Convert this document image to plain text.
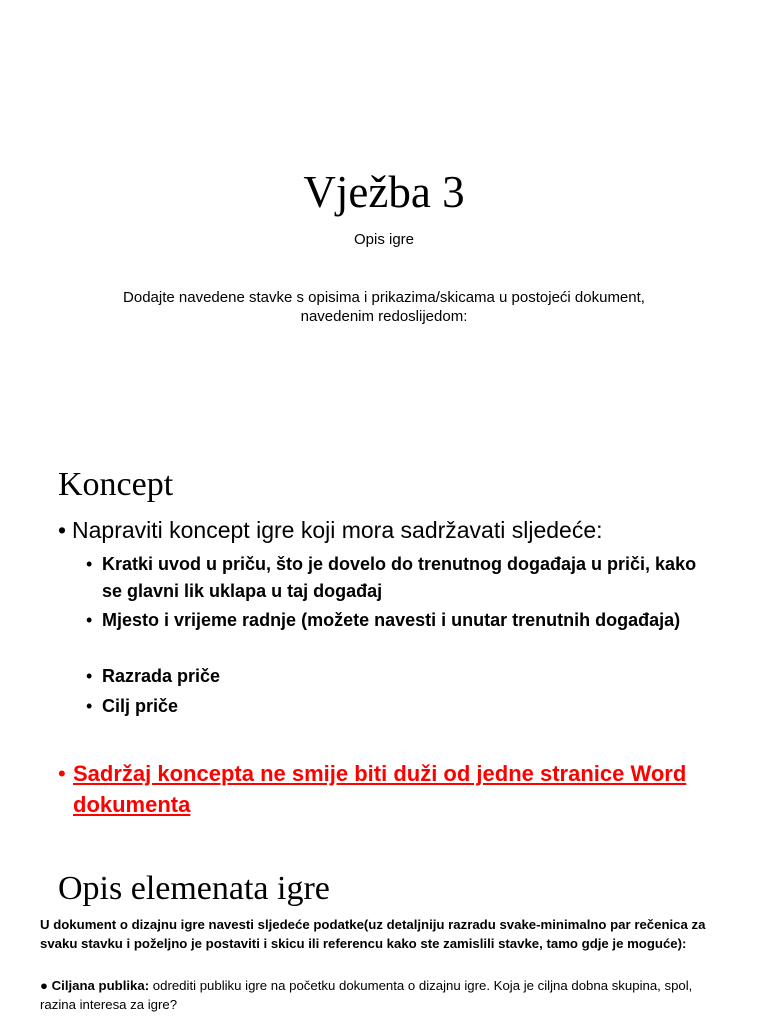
Vježba 3
Opis igre
Dodajte navedene stavke s opisima i prikazima/skicama u postojeći dokument, navedenim redoslijedom:
Koncept
• Napraviti koncept igre koji mora sadržavati sljedeće:
• Kratki uvod u priču, što je dovelo do trenutnog događaja u priči, kako se glavni lik uklapa u taj događaj
• Mjesto i vrijeme radnje (možete navesti i unutar trenutnih događaja)
• Razrada priče
• Cilj priče
• Sadržaj koncepta ne smije biti duži od jedne stranice Word dokumenta
Opis elemenata igre
U dokument o dizajnu igre navesti sljedeće podatke(uz detaljniju razradu svake-minimalno par rečenica za svaku stavku i poželjno je postaviti i skicu ili referencu kako ste zamislili stavke, tamo gdje je moguće):
● Ciljana publika: odrediti publiku igre na početku dokumenta o dizajnu igre. Koja je ciljna dobna skupina, spol, razina interesa za igre?
